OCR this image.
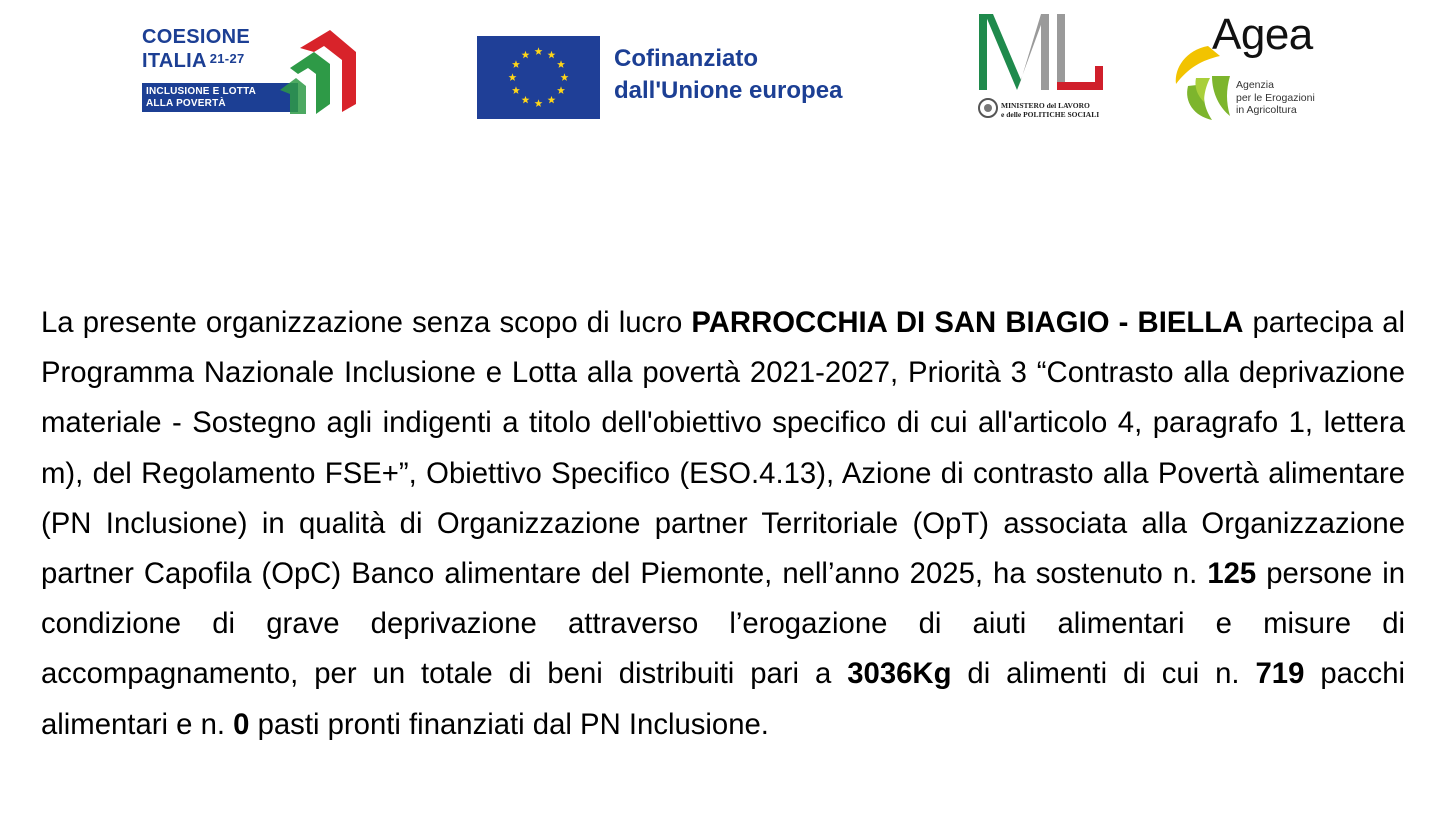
COESIONE
ITALIA $^{21-27}$
INCLUSIONE E LOTTA
ALLA POVERTÀ
Cofinanziato
dall'Unione europea
MINISTERO del LAVORO
e delle POLITICHE SOCIALI
Agea
Agenzia
per le Erogazioni
in Agricoltura

La presente organizzazione senza scopo di lucro PARROCCHIA DI SAN BIAGIO - BIELLA partecipa al Programma Nazionale Inclusione e Lotta alla povertà 2021-2027, Priorità 3 “Contrasto alla deprivazione materiale - Sostegno agli indigenti a titolo dell'obiettivo specifico di cui all'articolo 4, paragrafo 1, lettera m), del Regolamento FSE+”, Obiettivo Specifico (ESO.4.13), Azione di contrasto alla Povertà alimentare (PN Inclusione) in qualità di Organizzazione partner Territoriale (OpT) associata alla Organizzazione partner Capofila (OpC) Banco alimentare del Piemonte, nell’anno 2025, ha sostenuto n. 125 persone in condizione di grave deprivazione attraverso l’erogazione di aiuti alimentari e misure di accompagnamento, per un totale di beni distribuiti pari a 3036Kg di alimenti di cui n. 719 pacchi alimentari e n. 0 pasti pronti finanziati dal PN Inclusione.
